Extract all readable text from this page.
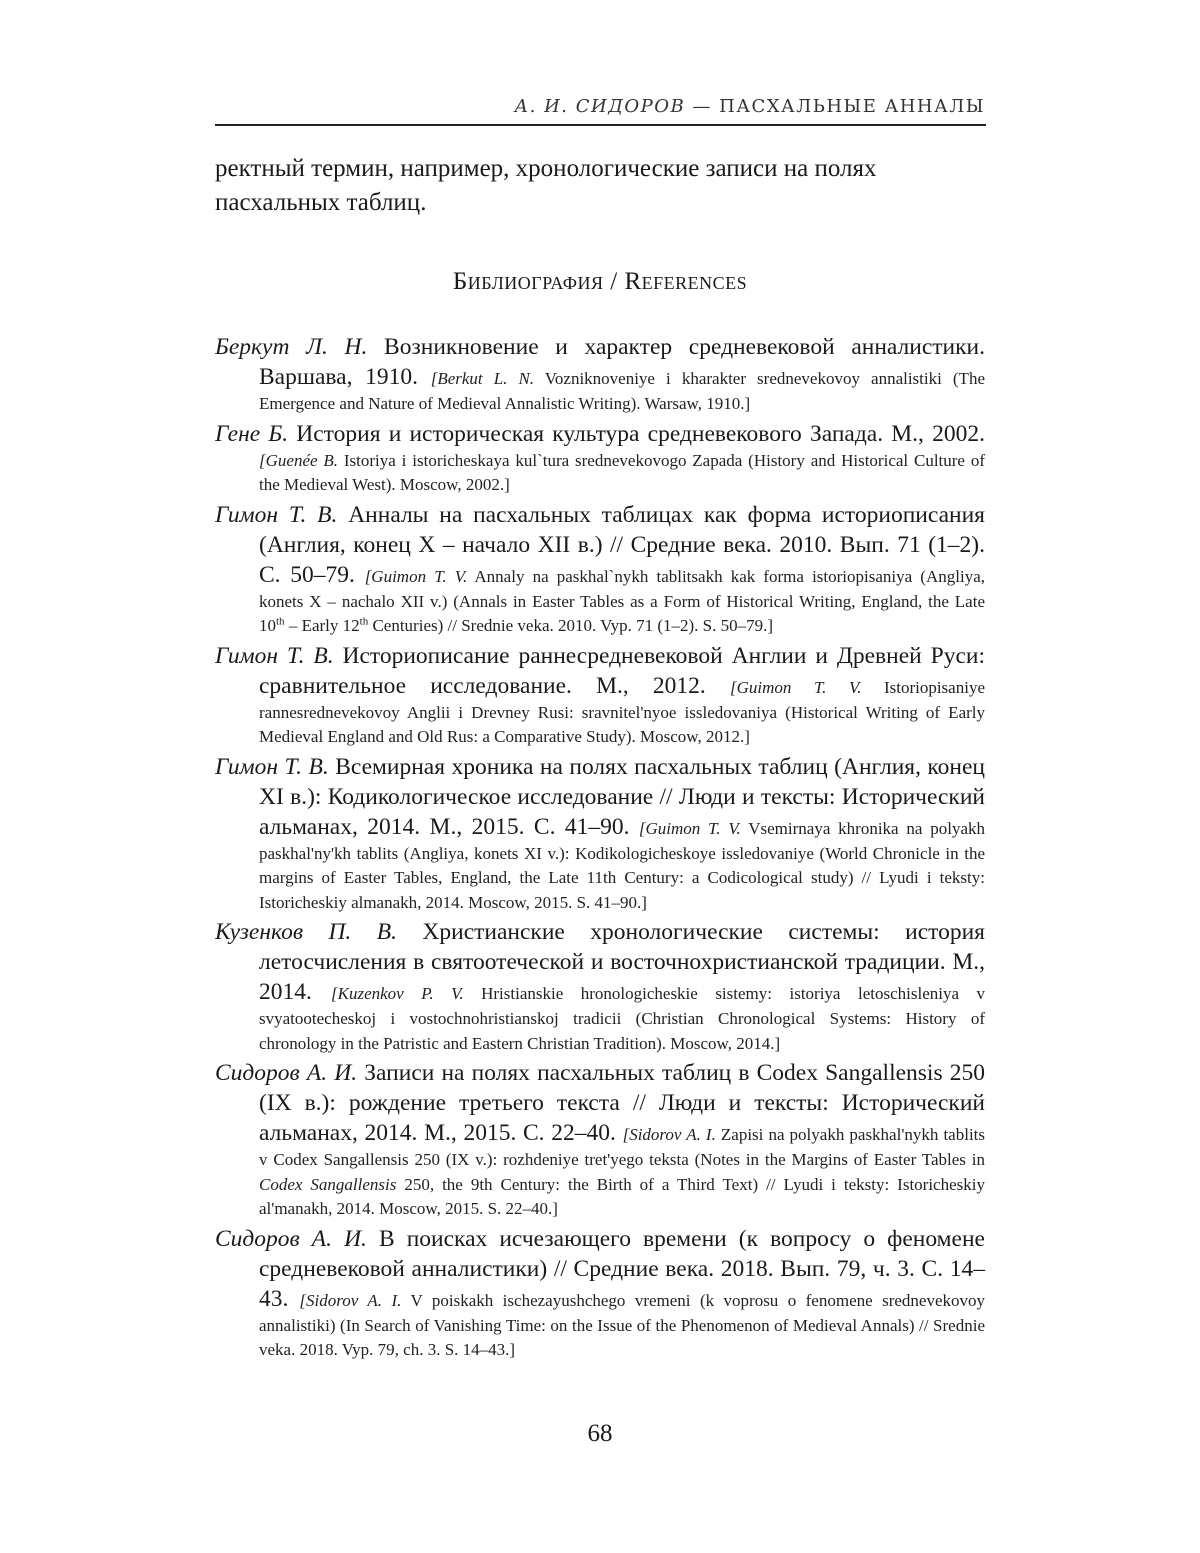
А. И. СИДОРОВ — ПАСХАЛЬНЫЕ АННАЛЫ

ректный термин, например, хронологические записи на полях пасхальных таблиц.

Библиография / References
Беркут Л. Н. Возникновение и характер средневековой анналистики. Варшава, 1910. [Berkut L. N. Vozniknoveniye i kharakter srednevekovoy annalistiki (The Emergence and Nature of Medieval Annalistic Writing). Warsaw, 1910.]
Гене Б. История и историческая культура средневекового Запада. М., 2002. [Guenée B. Istoriya i istoricheskaya kul`tura srednevekovogo Zapada (History and Historical Culture of the Medieval West). Moscow, 2002.]
Гимон Т. В. Анналы на пасхальных таблицах как форма историописания (Англия, конец X – начало XII в.) // Средние века. 2010. Вып. 71 (1–2). С. 50–79. [Guimon T. V. Annaly na paskhal`nykh tablitsakh kak forma istoriopisaniya (Angliya, konets X – nachalo XII v.) (Annals in Easter Tables as a Form of Historical Writing, England, the Late 10th – Early 12th Centuries) // Srednie veka. 2010. Vyp. 71 (1–2). S. 50–79.]
Гимон Т. В. Историописание раннесредневековой Англии и Древней Руси: сравнительное исследование. М., 2012. [Guimon T. V. Istoriopisaniye rannesrednevekovoy Anglii i Drevney Rusi: sravnitel'nyoe issledovaniya (Historical Writing of Early Medieval England and Old Rus: a Comparative Study). Moscow, 2012.]
Гимон Т. В. Всемирная хроника на полях пасхальных таблиц (Англия, конец XI в.): Кодикологическое исследование // Люди и тексты: Исторический альманах, 2014. М., 2015. С. 41–90. [Guimon T. V. Vsemirnaya khronika na polyakh paskhal'ny'kh tablits (Angliya, konets XI v.): Kodikologicheskoye issledovaniye (World Chronicle in the margins of Easter Tables, England, the Late 11th Century: a Codicological study) // Lyudi i teksty: Istoricheskiy almanakh, 2014. Moscow, 2015. S. 41–90.]
Кузенков П. В. Христианские хронологические системы: история летосчисления в святоотеческой и восточнохристианской традиции. М., 2014. [Kuzenkov P. V. Hristianskie hronologicheskie sistemy: istoriya letoschisleniya v svyatootecheskoj i vostochnohristianskoj tradicii (Christian Chronological Systems: History of chronology in the Patristic and Eastern Christian Tradition). Moscow, 2014.]
Сидоров А. И. Записи на полях пасхальных таблиц в Codex Sangallensis 250 (IX в.): рождение третьего текста // Люди и тексты: Исторический альманах, 2014. М., 2015. С. 22–40. [Sidorov A. I. Zapisi na polyakh paskhal'nykh tablits v Codex Sangallensis 250 (IX v.): rozhdeniye tret'yego teksta (Notes in the Margins of Easter Tables in Codex Sangallensis 250, the 9th Century: the Birth of a Third Text) // Lyudi i teksty: Istoricheskiy al'manakh, 2014. Moscow, 2015. S. 22–40.]
Сидоров А. И. В поисках исчезающего времени (к вопросу о феномене средневековой анналистики) // Средние века. 2018. Вып. 79, ч. 3. С. 14–43. [Sidorov A. I. V poiskakh ischezayushchego vremeni (k voprosu o fenomene srednevekovoy annalistiki) (In Search of Vanishing Time: on the Issue of the Phenomenon of Medieval Annals) // Srednie veka. 2018. Vyp. 79, ch. 3. S. 14–43.]
68
